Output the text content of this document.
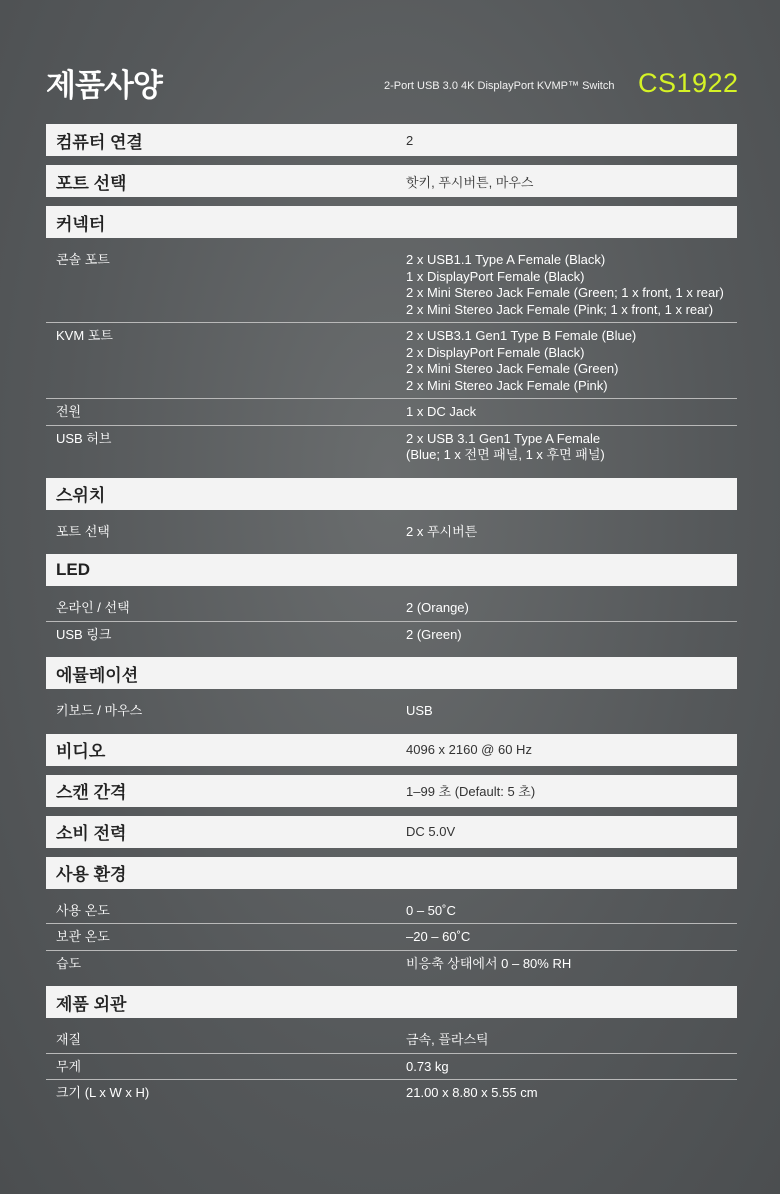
제품사양	2-Port USB 3.0 4K DisplayPort KVMP™ Switch CS1922
컴퓨터 연결	2
포트 선택	핫키, 푸시버튼, 마우스
커넥터
콘솔 포트	2 x USB1.1 Type A Female (Black)
1 x DisplayPort Female (Black)
2 x Mini Stereo Jack Female (Green; 1 x front, 1 x rear)
2 x Mini Stereo Jack Female (Pink; 1 x front, 1 x rear)
KVM 포트	2 x USB3.1 Gen1 Type B Female (Blue)
2 x DisplayPort Female (Black)
2 x Mini Stereo Jack Female (Green)
2 x Mini Stereo Jack Female (Pink)
전원	1 x DC Jack
USB 허브	2 x USB 3.1 Gen1 Type A Female
(Blue; 1 x 전면 패널, 1 x 후면 패널)
스위치
포트 선택	2 x 푸시버튼
LED
온라인 / 선택	2 (Orange)
USB 링크	2 (Green)
에뮬레이션
키보드 / 마우스	USB
비디오	4096 x 2160 @ 60 Hz
스캔 간격	1–99 초 (Default: 5 초)
소비 전력	DC 5.0V
사용 환경
사용 온도	0 – 50˚C
보관 온도	–20 – 60˚C
습도	비응축 상태에서 0 – 80% RH
제품 외관
재질	금속, 플라스틱
무게	0.73 kg
크기 (L x W x H)	21.00 x 8.80 x 5.55 cm
